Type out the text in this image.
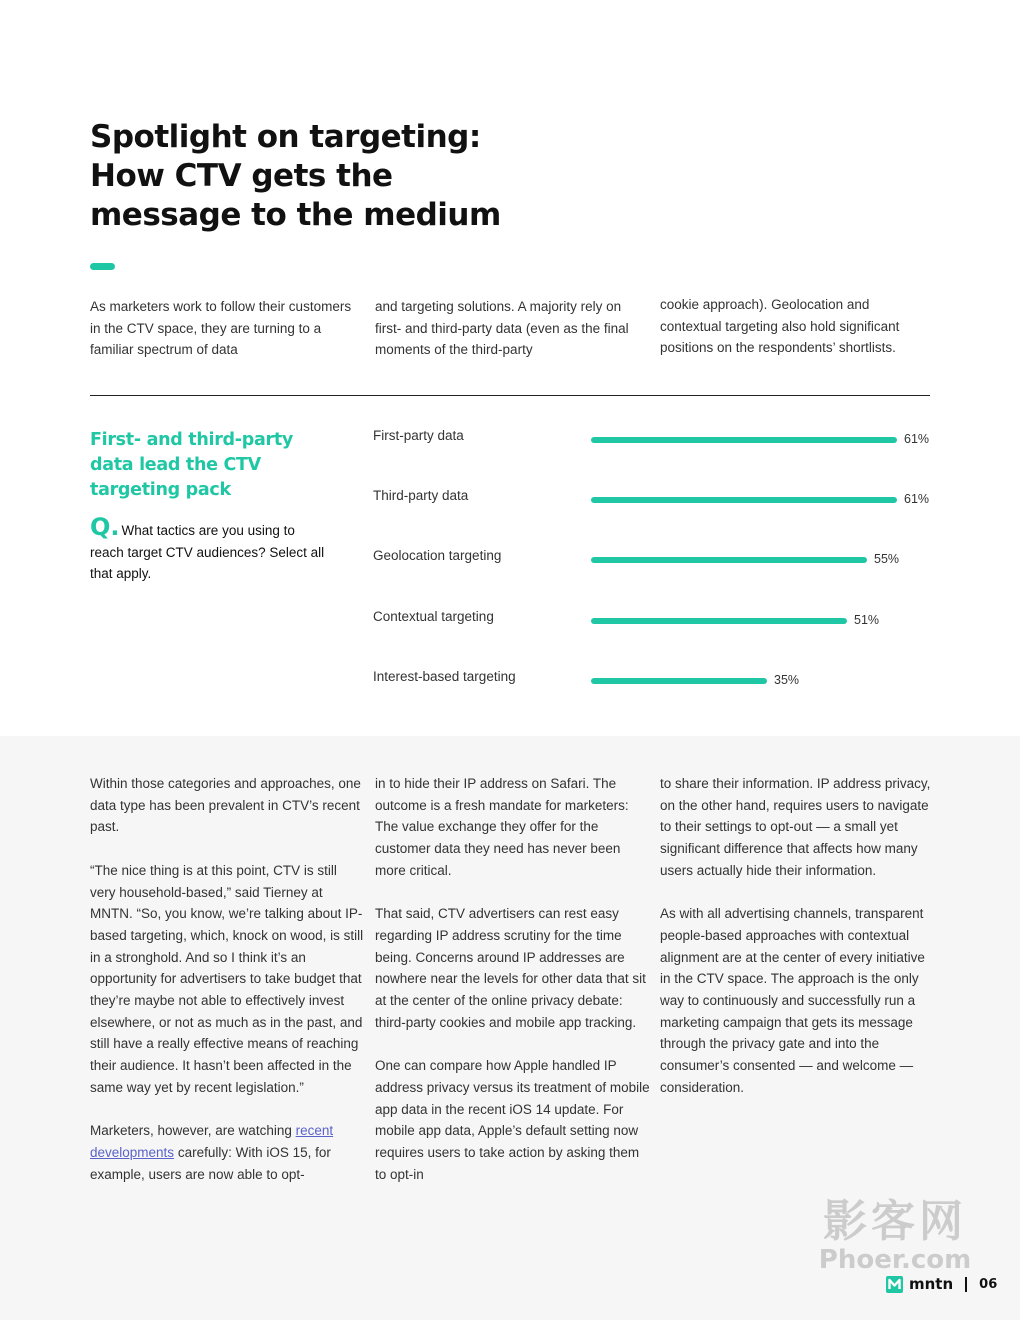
Spotlight on targeting:
How CTV gets the
message to the medium
As marketers work to follow their customers in the CTV space, they are turning to a familiar spectrum of data
and targeting solutions. A majority rely on first- and third-party data (even as the final moments of the third-party
cookie approach). Geolocation and contextual targeting also hold significant positions on the respondents’ shortlists.
First- and third-party data lead the CTV targeting pack
Q. What tactics are you using to reach target CTV audiences? Select all that apply.
First-party data	61%
Third-party data	61%
Geolocation targeting	55%
Contextual targeting	51%
Interest-based targeting	35%

Within those categories and approaches, one data type has been prevalent in CTV’s recent past.

“The nice thing is at this point, CTV is still very household-based,” said Tierney at MNTN. “So, you know, we’re talking about IP-based targeting, which, knock on wood, is still in a stronghold. And so I think it’s an opportunity for advertisers to take budget that they’re maybe not able to effectively invest elsewhere, or not as much as in the past, and still have a really effective means of reaching their audience. It hasn’t been affected in the same way yet by recent legislation.”

Marketers, however, are watching recent developments carefully: With iOS 15, for example, users are now able to opt-

in to hide their IP address on Safari. The outcome is a fresh mandate for marketers: The value exchange they offer for the customer data they need has never been more critical.

That said, CTV advertisers can rest easy regarding IP address scrutiny for the time being. Concerns around IP addresses are nowhere near the levels for other data that sit at the center of the online privacy debate: third-party cookies and mobile app tracking.

One can compare how Apple handled IP address privacy versus its treatment of mobile app data in the recent iOS 14 update. For mobile app data, Apple’s default setting now requires users to take action by asking them to opt-in

to share their information. IP address privacy, on the other hand, requires users to navigate to their settings to opt-out — a small yet significant difference that affects how many users actually hide their information.

As with all advertising channels, transparent people-based approaches with contextual alignment are at the center of every initiative in the CTV space. The approach is the only way to continuously and successfully run a marketing campaign that gets its message through the privacy gate and into the consumer’s consented — and welcome — consideration.

影客网
Phoer.com
mntn 06
